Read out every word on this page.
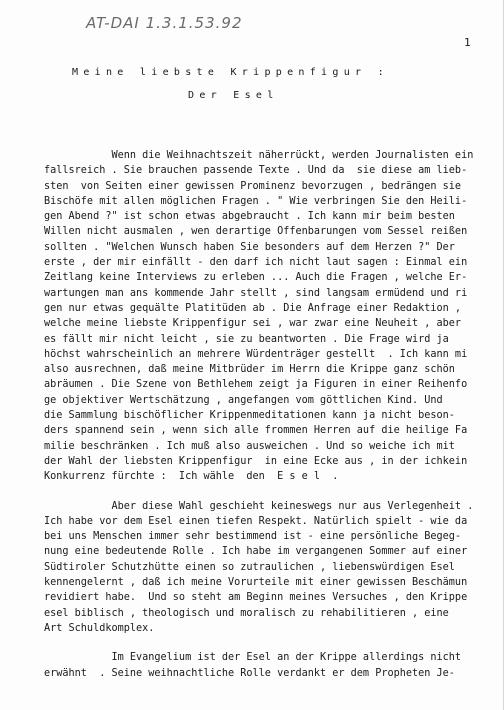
AT-DAI 1.3.1.53.92
1
Meine liebste Krippenfigur :
Der Esel
Wenn die Weihnachtszeit näherrückt, werden Journalisten ein
fallsreich . Sie brauchen passende Texte . Und da  sie diese am lieb-
sten  von Seiten einer gewissen Prominenz bevorzugen , bedrängen sie
Bischöfe mit allen möglichen Fragen . " Wie verbringen Sie den Heili-
gen Abend ?" ist schon etwas abgebraucht . Ich kann mir beim besten
Willen nicht ausmalen , wen derartige Offenbarungen vom Sessel reißen
sollten . "Welchen Wunsch haben Sie besonders auf dem Herzen ?" Der
erste , der mir einfällt - den darf ich nicht laut sagen : Einmal ein
Zeitlang keine Interviews zu erleben ... Auch die Fragen , welche Er-
wartungen man ans kommende Jahr stellt , sind langsam ermüdend und ri
gen nur etwas gequälte Platitüden ab . Die Anfrage einer Redaktion ,
welche meine liebste Krippenfigur sei , war zwar eine Neuheit , aber
es fällt mir nicht leicht , sie zu beantworten . Die Frage wird ja
höchst wahrscheinlich an mehrere Würdenträger gestellt  . Ich kann mi
also ausrechnen, daß meine Mitbrüder im Herrn die Krippe ganz schön
abräumen . Die Szene von Bethlehem zeigt ja Figuren in einer Reihenfo
ge objektiver Wertschätzung , angefangen vom göttlichen Kind. Und
die Sammlung bischöflicher Krippenmeditationen kann ja nicht beson-
ders spannend sein , wenn sich alle frommen Herren auf die heilige Fa
milie beschränken . Ich muß also ausweichen . Und so weiche ich mit
der Wahl der liebsten Krippenfigur  in eine Ecke aus , in der ichkein
Konkurrenz fürchte :  Ich wähle  den  E s e l  .
Aber diese Wahl geschieht keineswegs nur aus Verlegenheit .
Ich habe vor dem Esel einen tiefen Respekt. Natürlich spielt - wie da
bei uns Menschen immer sehr bestimmend ist - eine persönliche Begeg-
nung eine bedeutende Rolle . Ich habe im vergangenen Sommer auf einer
Südtiroler Schutzhütte einen so zutraulichen , liebenswürdigen Esel
kennengelernt , daß ich meine Vorurteile mit einer gewissen Beschämun
revidiert habe.  Und so steht am Beginn meines Versuches , den Krippe
esel biblisch , theologisch und moralisch zu rehabilitieren , eine
Art Schuldkomplex.
Im Evangelium ist der Esel an der Krippe allerdings nicht
erwähnt  . Seine weihnachtliche Rolle verdankt er dem Propheten Je-
